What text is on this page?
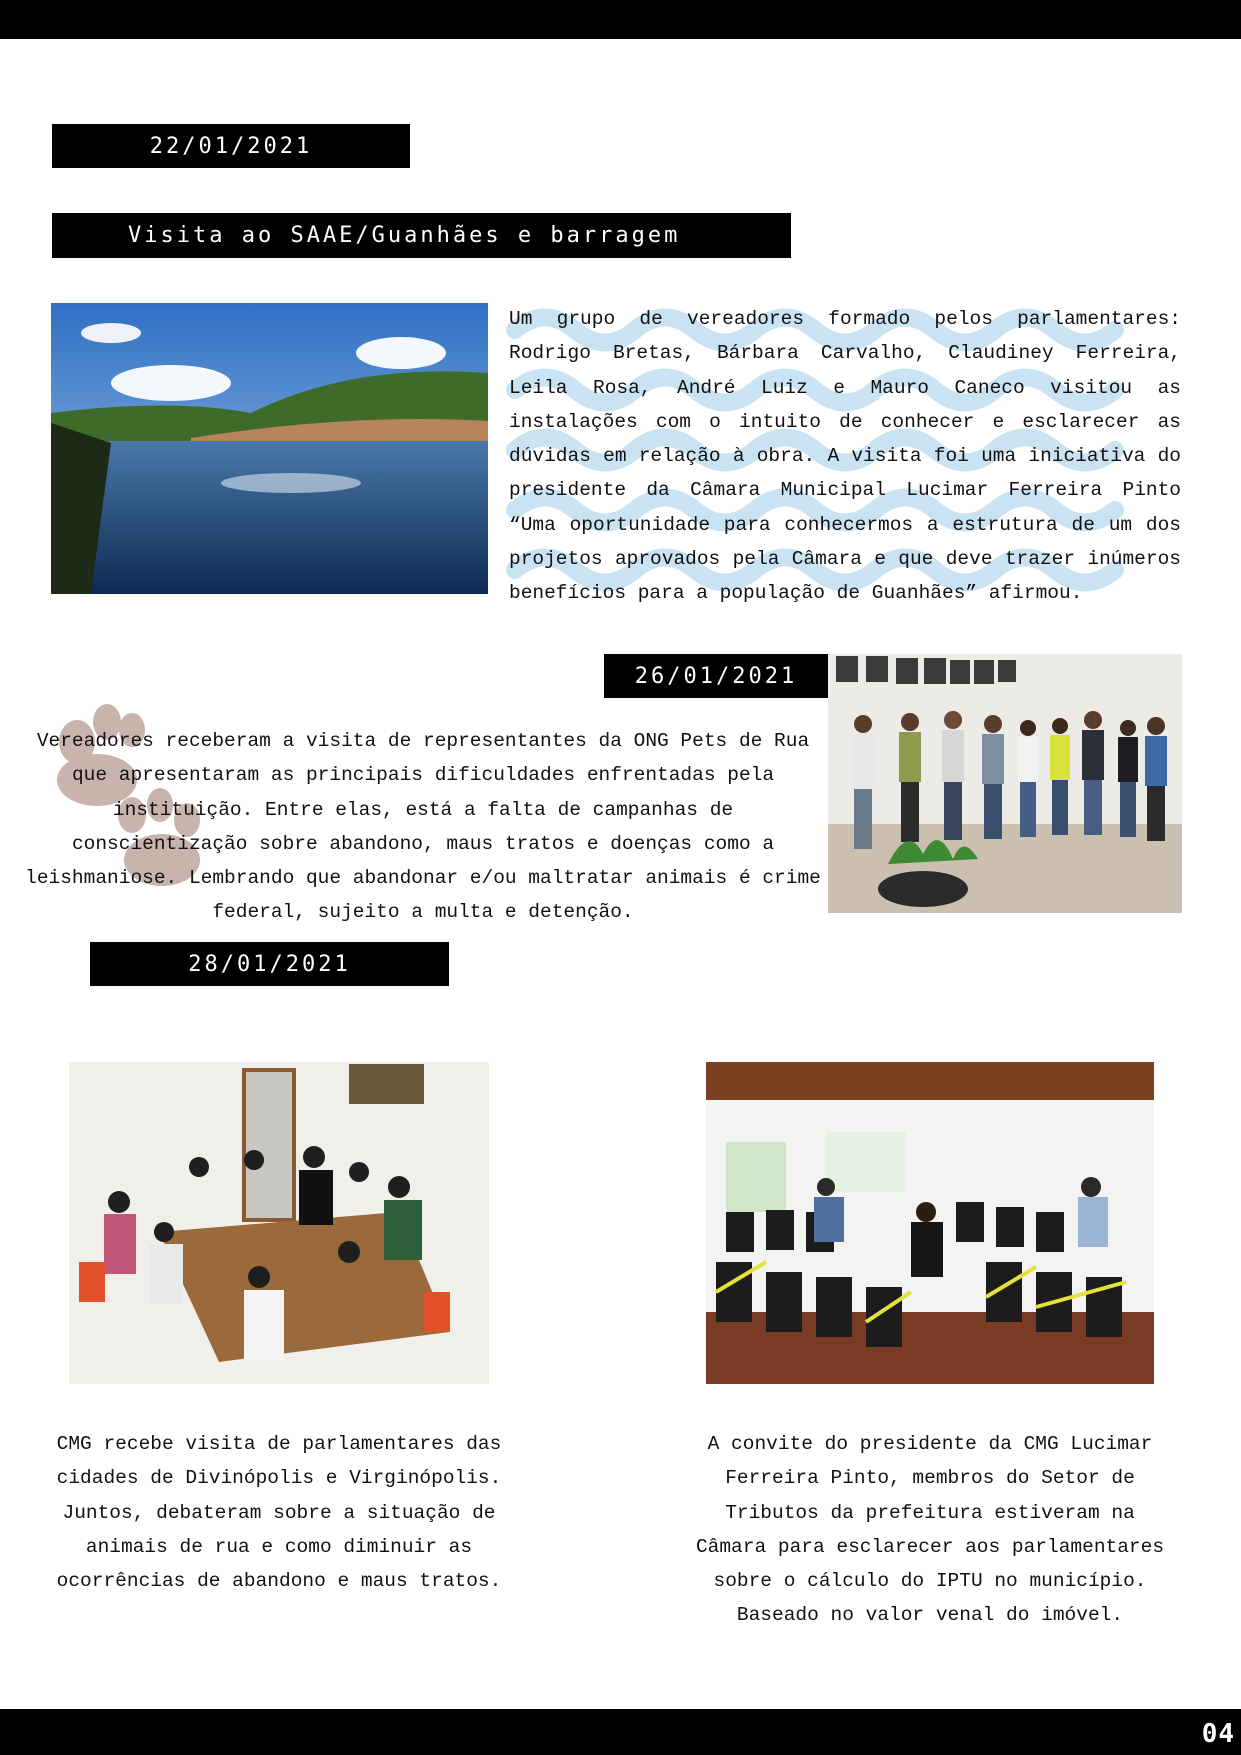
22/01/2021
Visita ao SAAE/Guanhães e barragem

Um grupo de vereadores formado pelos parlamentares: Rodrigo Bretas, Bárbara Carvalho, Claudiney Ferreira, Leila Rosa, André Luiz e Mauro Caneco visitou as instalações com o intuito de conhecer e esclarecer as dúvidas em relação à obra. A visita foi uma iniciativa do presidente da Câmara Municipal Lucimar Ferreira Pinto “Uma oportunidade para conhecermos a estrutura de um dos projetos aprovados pela Câmara e que deve trazer inúmeros benefícios para a população de Guanhães” afirmou.

26/01/2021

Vereadores receberam a visita de representantes da ONG Pets de Rua que apresentaram as principais dificuldades enfrentadas pela instituição. Entre elas, está a falta de campanhas de conscientização sobre abandono, maus tratos e doenças como a leishmaniose. Lembrando que abandonar e/ou maltratar animais é crime federal, sujeito a multa e detenção.

28/01/2021

CMG recebe visita de parlamentares das cidades de Divinópolis e Virginópolis. Juntos, debateram sobre a situação de animais de rua e como diminuir as ocorrências de abandono e maus tratos.

A convite do presidente da CMG Lucimar Ferreira Pinto, membros do Setor de Tributos da prefeitura estiveram na Câmara para esclarecer aos parlamentares sobre o cálculo do IPTU no município. Baseado no valor venal do imóvel.

04
